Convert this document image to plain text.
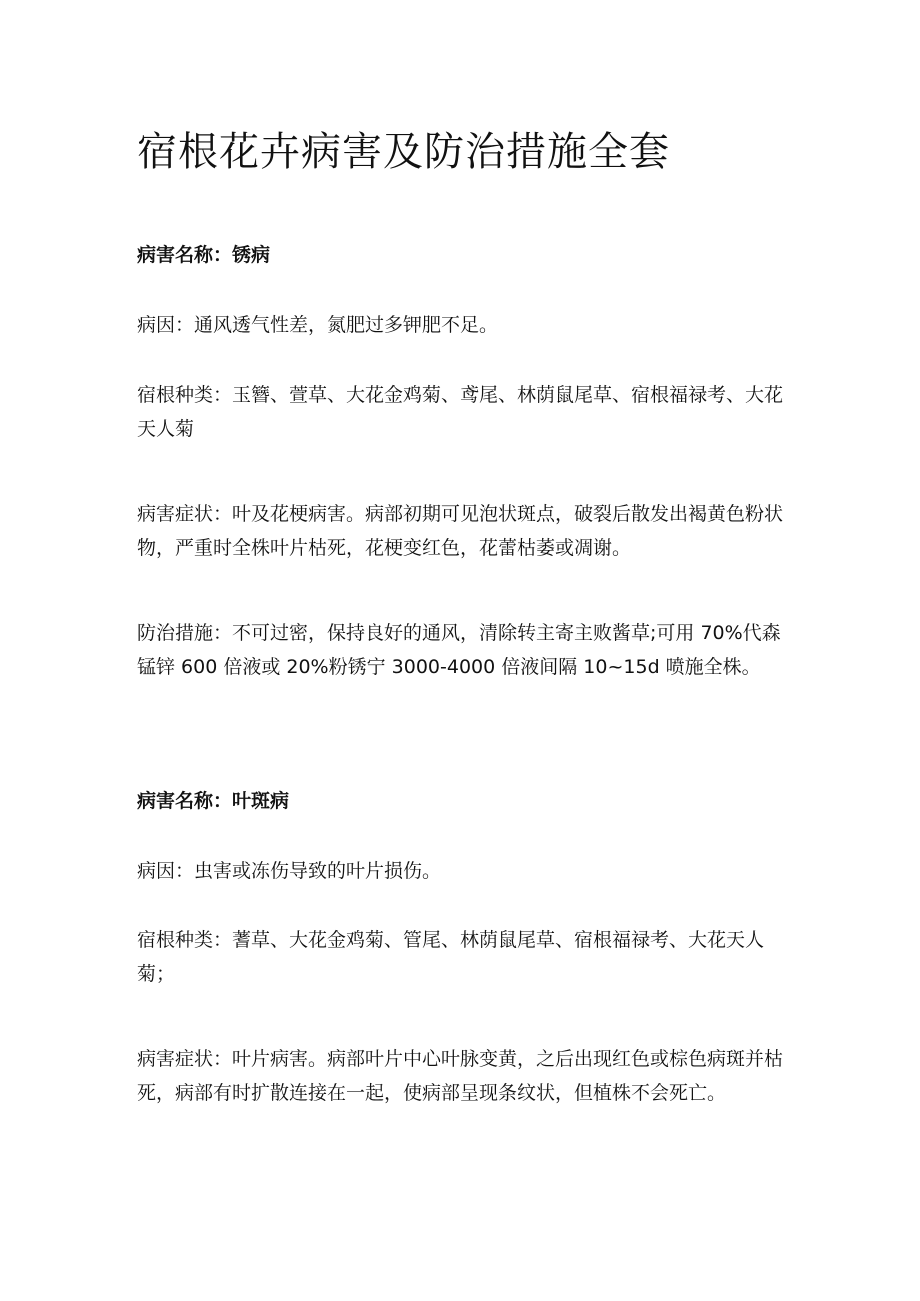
宿根花卉病害及防治措施全套

病害名称：锈病

病因：通风透气性差，氮肥过多钾肥不足。

宿根种类：玉簪、萱草、大花金鸡菊、鸢尾、林荫鼠尾草、宿根福禄考、大花天人菊

病害症状：叶及花梗病害。病部初期可见泡状斑点，破裂后散发出褐黄色粉状物，严重时全株叶片枯死，花梗变红色，花蕾枯萎或凋谢。

防治措施：不可过密，保持良好的通风，清除转主寄主败酱草;可用 70%代森锰锌 600 倍液或 20%粉锈宁 3000-4000 倍液间隔 10~15d 喷施全株。

病害名称：叶斑病

病因：虫害或冻伤导致的叶片损伤。

宿根种类：蓍草、大花金鸡菊、管尾、林荫鼠尾草、宿根福禄考、大花天人菊；

病害症状：叶片病害。病部叶片中心叶脉变黄，之后出现红色或棕色病斑并枯死，病部有时扩散连接在一起，使病部呈现条纹状，但植株不会死亡。
